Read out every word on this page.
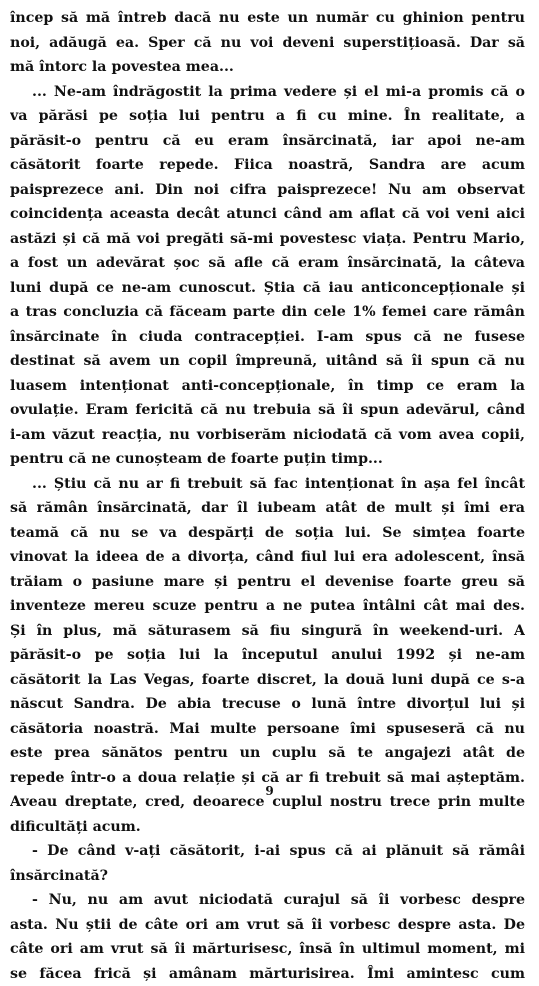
încep să mă întreb dacă nu este un număr cu ghinion pentru
noi, adăugă ea. Sper că nu voi deveni superstițioasă. Dar să
mă întorc la povestea mea...

... Ne-am îndrăgostit la prima vedere și el mi-a promis că o
va părăsi pe soția lui pentru a fi cu mine. În realitate, a
părăsit-o pentru că eu eram însărcinată, iar apoi ne-am
căsătorit foarte repede. Fiica noastră, Sandra are acum
paisprezece ani. Din noi cifra paisprezece! Nu am observat
coincidența aceasta decât atunci când am aflat că voi veni aici
astăzi și că mă voi pregăti să-mi povestesc viața. Pentru Mario,
a fost un adevărat șoc să afle că eram însărcinată, la câteva
luni după ce ne-am cunoscut. Știa că iau anticoncepționale și
a tras concluzia că făceam parte din cele 1% femei care rămân
însărcinate în ciuda contracepției. I-am spus că ne fusese
destinat să avem un copil împreună, uitând să îi spun că nu
luasem intenționat anti-concepționale, în timp ce eram la
ovulație. Eram fericită că nu trebuia să îi spun adevărul, când
i-am văzut reacția, nu vorbiserăm niciodată că vom avea copii,
pentru că ne cunoșteam de foarte puțin timp...

... Știu că nu ar fi trebuit să fac intenționat în așa fel încât
să rămân însărcinată, dar îl iubeam atât de mult și îmi era
teamă că nu se va despărți de soția lui. Se simțea foarte
vinovat la ideea de a divorța, când fiul lui era adolescent, însă
trăiam o pasiune mare și pentru el devenise foarte greu să
inventeze mereu scuze pentru a ne putea întâlni cât mai des.
Și în plus, mă săturasem să fiu singură în weekend-uri. A
părăsit-o pe soția lui la începutul anului 1992 și ne-am
căsătorit la Las Vegas, foarte discret, la două luni după ce s-a
născut Sandra. De abia trecuse o lună între divorțul lui și
căsătoria noastră. Mai multe persoane îmi spuseseră că nu
este prea sănătos pentru un cuplu să te angajezi atât de
repede într-o a doua relație și că ar fi trebuit să mai așteptăm.
Aveau dreptate, cred, deoarece cuplul nostru trece prin multe
dificultăți acum.

- De când v-ați căsătorit, i-ai spus că ai plănuit să rămâi
însărcinată?

- Nu, nu am avut niciodată curajul să îi vorbesc despre
asta. Nu știi de câte ori am vrut să îi vorbesc despre asta. De
câte ori am vrut să îi mărturisesc, însă în ultimul moment, mi
se făcea frică și amânam mărturisirea. Îmi amintesc cum

9
